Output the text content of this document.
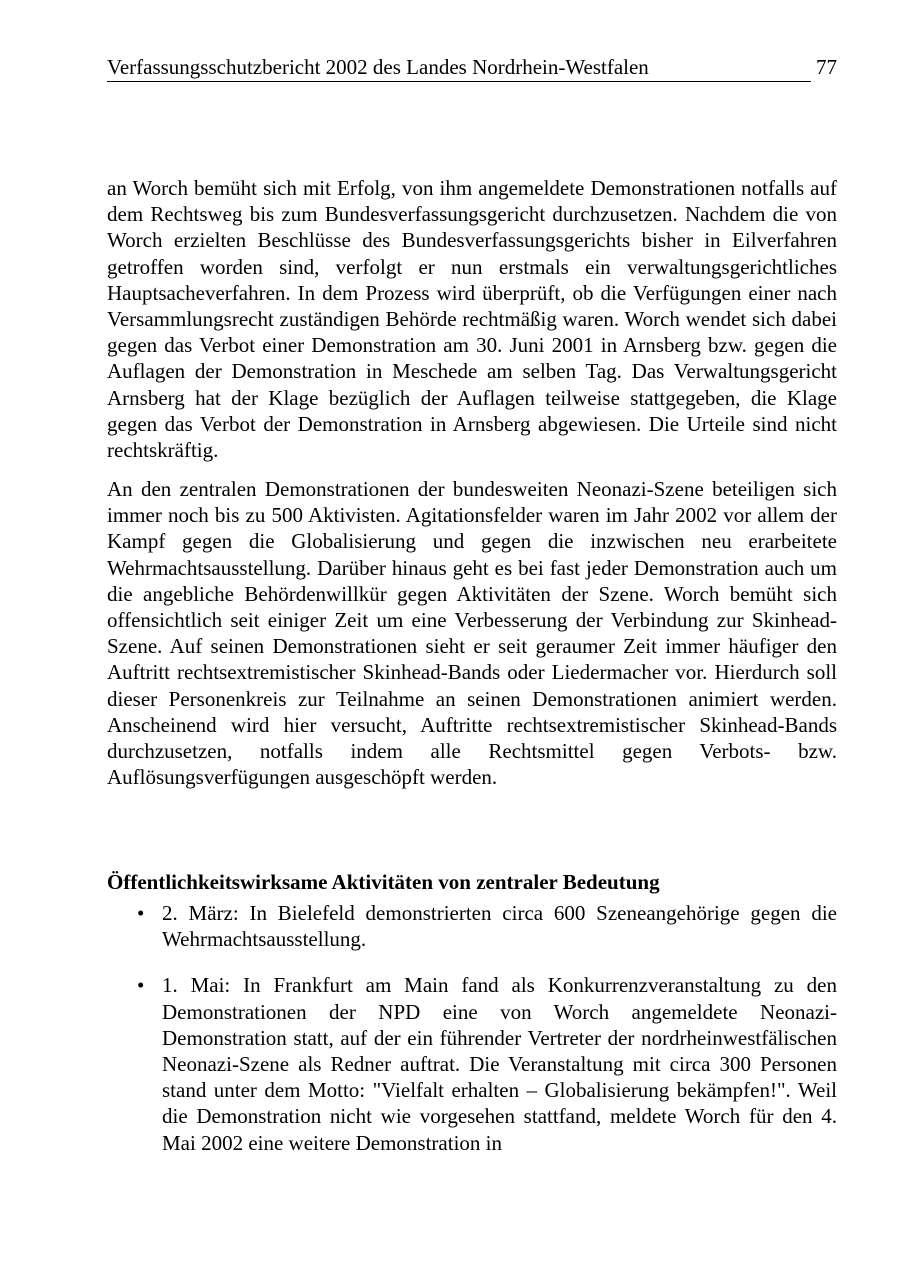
Verfassungsschutzbericht 2002 des Landes Nordrhein-Westfalen	77

an Worch bemüht sich mit Erfolg, von ihm angemeldete Demonstrationen notfalls auf dem Rechtsweg bis zum Bundesverfassungsgericht durchzusetzen. Nachdem die von Worch erzielten Beschlüsse des Bundesverfassungsgerichts bisher in Eilverfahren getroffen worden sind, verfolgt er nun erstmals ein verwaltungsgerichtliches Hauptsacheverfahren. In dem Prozess wird überprüft, ob die Verfügungen einer nach Versammlungsrecht zuständigen Behörde rechtmäßig waren. Worch wendet sich dabei gegen das Verbot einer Demonstration am 30. Juni 2001 in Arnsberg bzw. gegen die Auflagen der Demonstration in Meschede am selben Tag. Das Verwaltungsgericht Arnsberg hat der Klage bezüglich der Auflagen teilweise stattgegeben, die Klage gegen das Verbot der Demonstration in Arnsberg abgewiesen. Die Urteile sind nicht rechtskräftig.

An den zentralen Demonstrationen der bundesweiten Neonazi-Szene beteiligen sich immer noch bis zu 500 Aktivisten. Agitationsfelder waren im Jahr 2002 vor allem der Kampf gegen die Globalisierung und gegen die inzwischen neu erarbeitete Wehrmachtsausstellung. Darüber hinaus geht es bei fast jeder Demonstration auch um die angebliche Behördenwillkür gegen Aktivitäten der Szene. Worch bemüht sich offensichtlich seit einiger Zeit um eine Verbesserung der Verbindung zur Skinhead-Szene. Auf seinen Demonstrationen sieht er seit geraumer Zeit immer häufiger den Auftritt rechtsextremistischer Skinhead-Bands oder Liedermacher vor. Hierdurch soll dieser Personenkreis zur Teilnahme an seinen Demonstrationen animiert werden. Anscheinend wird hier versucht, Auftritte rechtsextremistischer Skinhead-Bands durchzusetzen, notfalls indem alle Rechtsmittel gegen Verbots- bzw. Auflösungsverfügungen ausgeschöpft werden.

Öffentlichkeitswirksame Aktivitäten von zentraler Bedeutung
• 2. März: In Bielefeld demonstrierten circa 600 Szeneangehörige gegen die Wehrmachtsausstellung.
• 1. Mai: In Frankfurt am Main fand als Konkurrenzveranstaltung zu den Demonstrationen der NPD eine von Worch angemeldete Neonazi-Demonstration statt, auf der ein führender Vertreter der nordrheinwestfälischen Neonazi-Szene als Redner auftrat. Die Veranstaltung mit circa 300 Personen stand unter dem Motto: "Vielfalt erhalten – Globalisierung bekämpfen!". Weil die Demonstration nicht wie vorgesehen stattfand, meldete Worch für den 4. Mai 2002 eine weitere Demonstration in
